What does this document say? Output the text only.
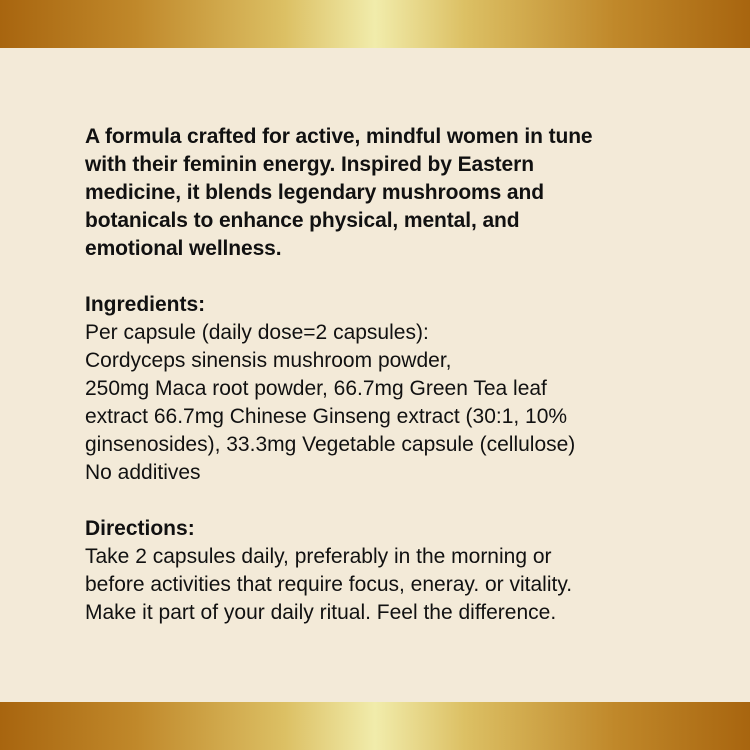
A formula crafted for active, mindful women in tune
with their feminin energy. Inspired by Eastern
medicine, it blends legendary mushrooms and
botanicals to enhance physical, mental, and
emotional wellness.
Ingredients:
Per capsule (daily dose=2 capsules):
Cordyceps sinensis mushroom powder,
250mg Maca root powder, 66.7mg Green Tea leaf
extract 66.7mg Chinese Ginseng extract (30:1, 10%
ginsenosides), 33.3mg Vegetable capsule (cellulose)
No additives
Directions:
Take 2 capsules daily, preferably in the morning or
before activities that require focus, eneray. or vitality.
Make it part of your daily ritual. Feel the difference.
